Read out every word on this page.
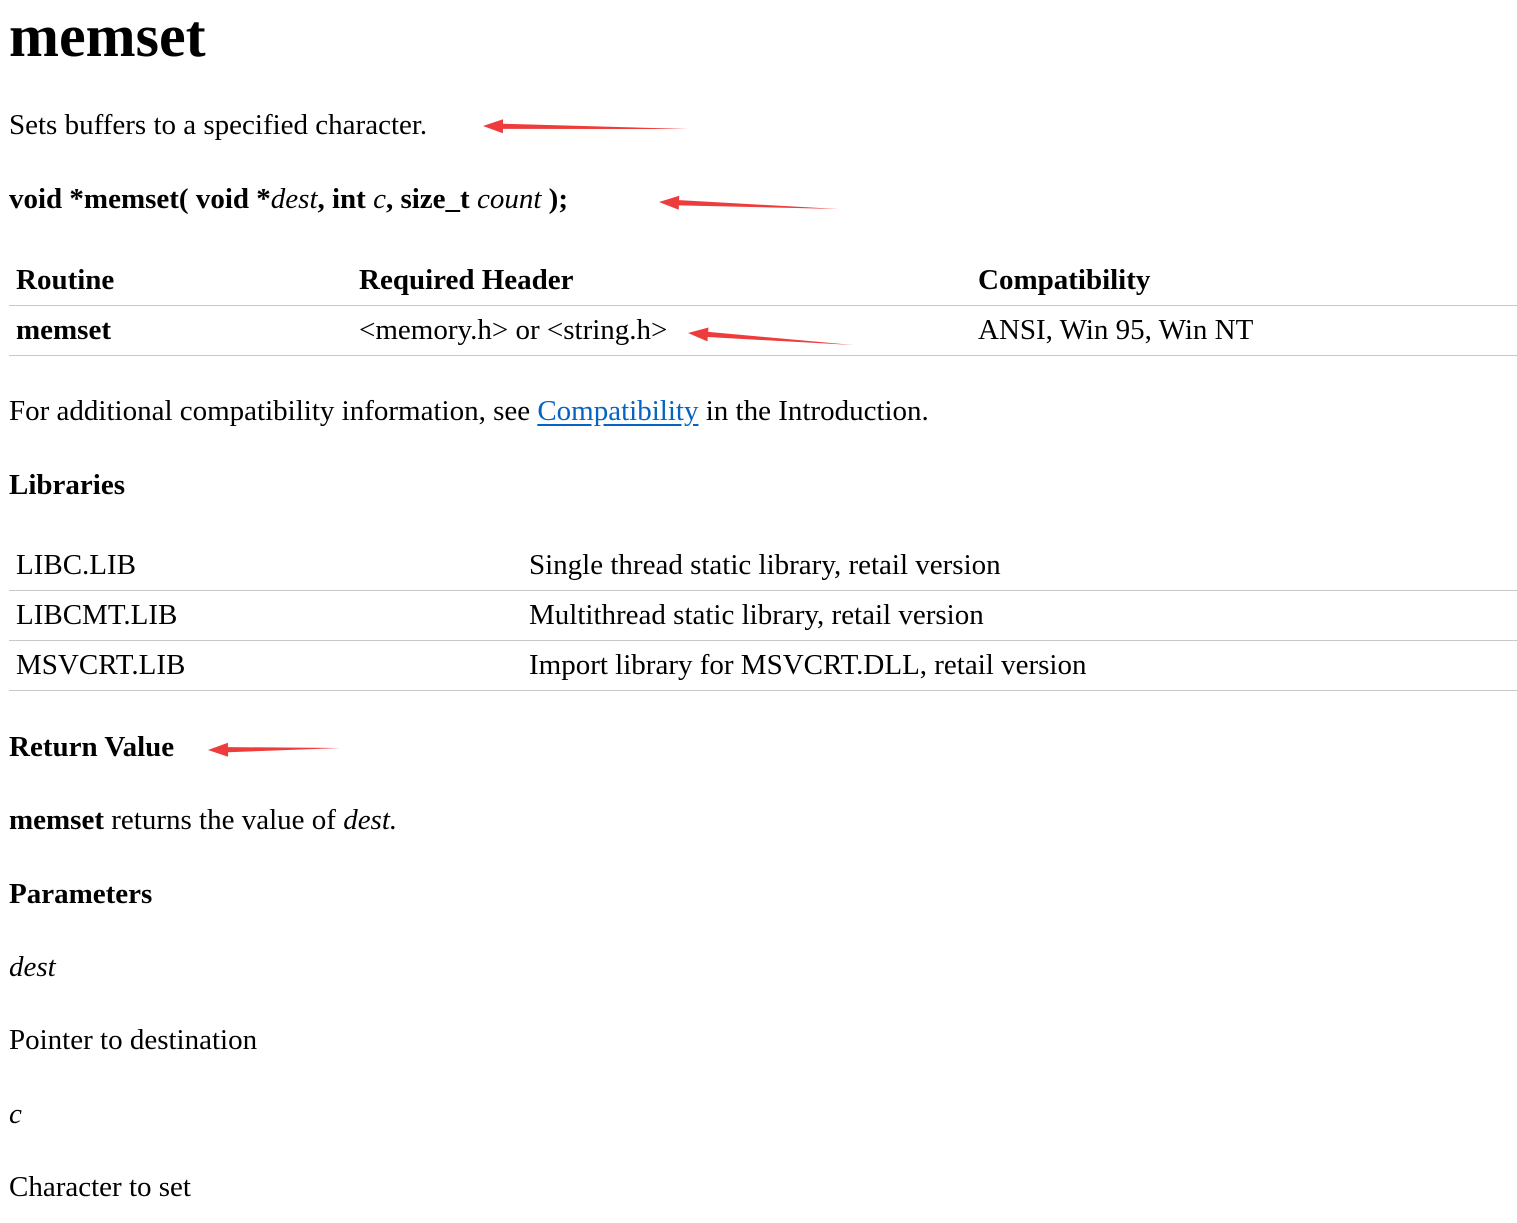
memset

Sets buffers to a specified character.

void *memset( void *dest, int c, size_t count );

Routine	Required Header	Compatibility
memset	<memory.h> or <string.h>	ANSI, Win 95, Win NT

For additional compatibility information, see Compatibility in the Introduction.

Libraries

LIBC.LIB	Single thread static library, retail version
LIBCMT.LIB	Multithread static library, retail version
MSVCRT.LIB	Import library for MSVCRT.DLL, retail version

Return Value

memset returns the value of dest.

Parameters

dest

Pointer to destination

c

Character to set
